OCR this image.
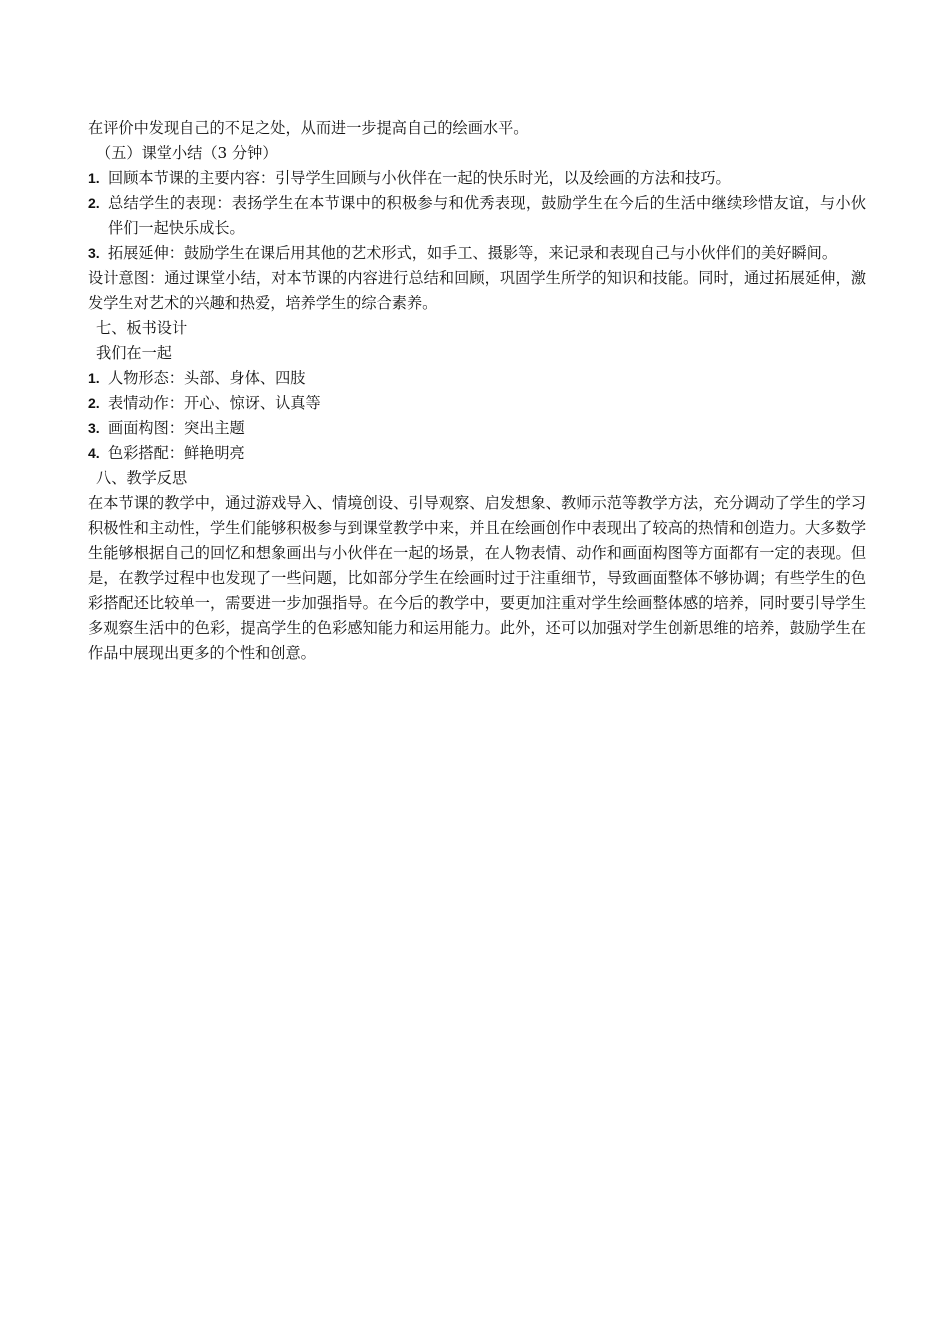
在评价中发现自己的不足之处，从而进一步提高自己的绘画水平。
（五）课堂小结（3 分钟）
1. 回顾本节课的主要内容：引导学生回顾与小伙伴在一起的快乐时光，以及绘画的方法和技巧。
2. 总结学生的表现：表扬学生在本节课中的积极参与和优秀表现，鼓励学生在今后的生活中继续珍惜友谊，与小伙伴们一起快乐成长。
3. 拓展延伸：鼓励学生在课后用其他的艺术形式，如手工、摄影等，来记录和表现自己与小伙伴们的美好瞬间。
设计意图：通过课堂小结，对本节课的内容进行总结和回顾，巩固学生所学的知识和技能。同时，通过拓展延伸，激发学生对艺术的兴趣和热爱，培养学生的综合素养。
七、板书设计
我们在一起
1. 人物形态：头部、身体、四肢
2. 表情动作：开心、惊讶、认真等
3. 画面构图：突出主题
4. 色彩搭配：鲜艳明亮
八、教学反思
在本节课的教学中，通过游戏导入、情境创设、引导观察、启发想象、教师示范等教学方法，充分调动了学生的学习积极性和主动性，学生们能够积极参与到课堂教学中来，并且在绘画创作中表现出了较高的热情和创造力。大多数学生能够根据自己的回忆和想象画出与小伙伴在一起的场景，在人物表情、动作和画面构图等方面都有一定的表现。但是，在教学过程中也发现了一些问题，比如部分学生在绘画时过于注重细节，导致画面整体不够协调；有些学生的色彩搭配还比较单一，需要进一步加强指导。在今后的教学中，要更加注重对学生绘画整体感的培养，同时要引导学生多观察生活中的色彩，提高学生的色彩感知能力和运用能力。此外，还可以加强对学生创新思维的培养，鼓励学生在作品中展现出更多的个性和创意。
